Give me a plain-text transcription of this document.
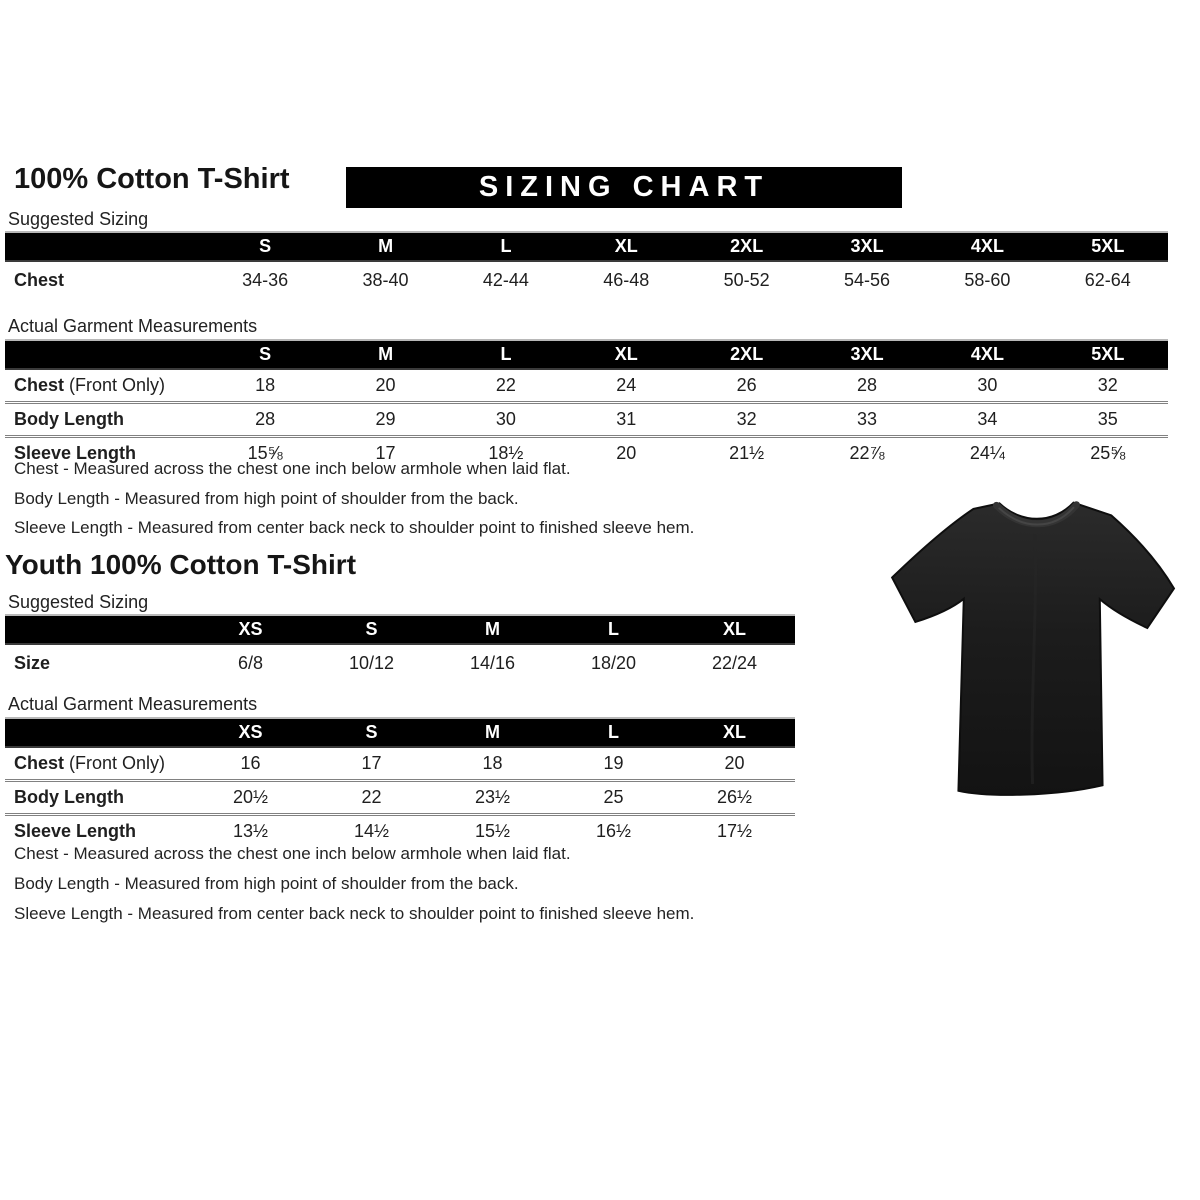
100% Cotton T-Shirt	SIZING CHART
Suggested Sizing
	S	M	L	XL	2XL	3XL	4XL	5XL
Chest	34-36	38-40	42-44	46-48	50-52	54-56	58-60	62-64
Actual Garment Measurements
	S	M	L	XL	2XL	3XL	4XL	5XL
Chest (Front Only)	18	20	22	24	26	28	30	32
Body Length	28	29	30	31	32	33	34	35
Sleeve Length	15⅝	17	18½	20	21½	22⅞	24¼	25⅝
Chest - Measured across the chest one inch below armhole when laid flat.
Body Length - Measured from high point of shoulder from the back.
Sleeve Length - Measured from center back neck to shoulder point to finished sleeve hem.
Youth 100% Cotton T-Shirt
Suggested Sizing
	XS	S	M	L	XL
Size	6/8	10/12	14/16	18/20	22/24
Actual Garment Measurements
	XS	S	M	L	XL
Chest (Front Only)	16	17	18	19	20
Body Length	20½	22	23½	25	26½
Sleeve Length	13½	14½	15½	16½	17½
Chest - Measured across the chest one inch below armhole when laid flat.
Body Length - Measured from high point of shoulder from the back.
Sleeve Length - Measured from center back neck to shoulder point to finished sleeve hem.
